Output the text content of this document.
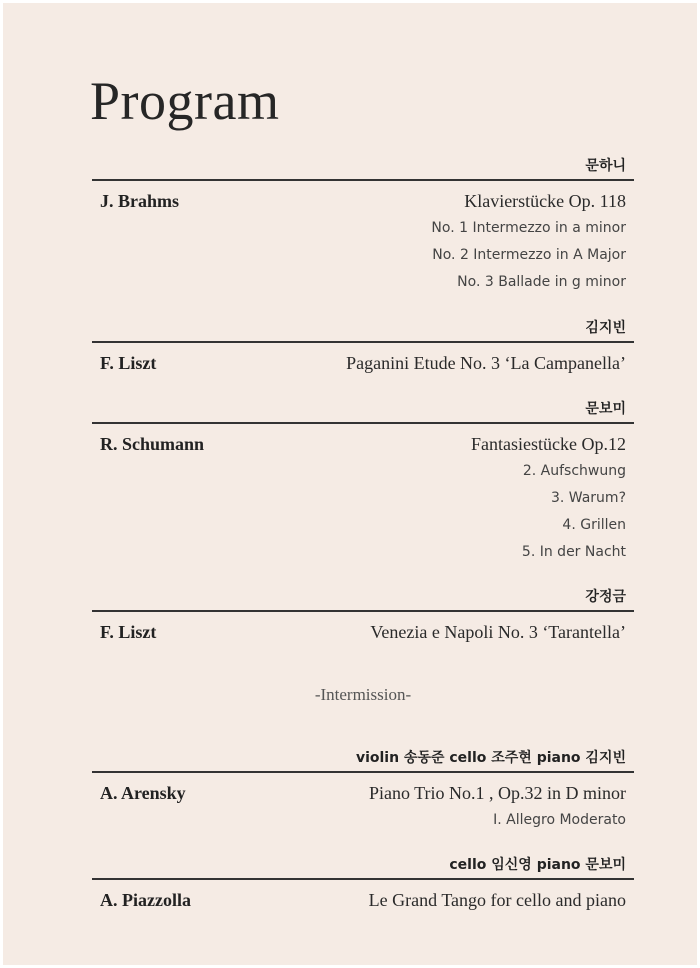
Program
문하니
J. Brahms	Klavierstücke Op. 118
No. 1 Intermezzo in a minor
No. 2 Intermezzo in A Major
No. 3 Ballade in g minor
김지빈
F. Liszt	Paganini Etude No. 3 ‘La Campanella’
문보미
R. Schumann	Fantasiestücke Op.12
2. Aufschwung
3. Warum?
4. Grillen
5. In der Nacht
강정금
F. Liszt	Venezia e Napoli No. 3 ‘Tarantella’
-Intermission-
violin 송동준 cello 조주현 piano 김지빈
A. Arensky	Piano Trio No.1 , Op.32 in D minor
I. Allegro Moderato
cello 임신영 piano 문보미
A. Piazzolla	Le Grand Tango for cello and piano
